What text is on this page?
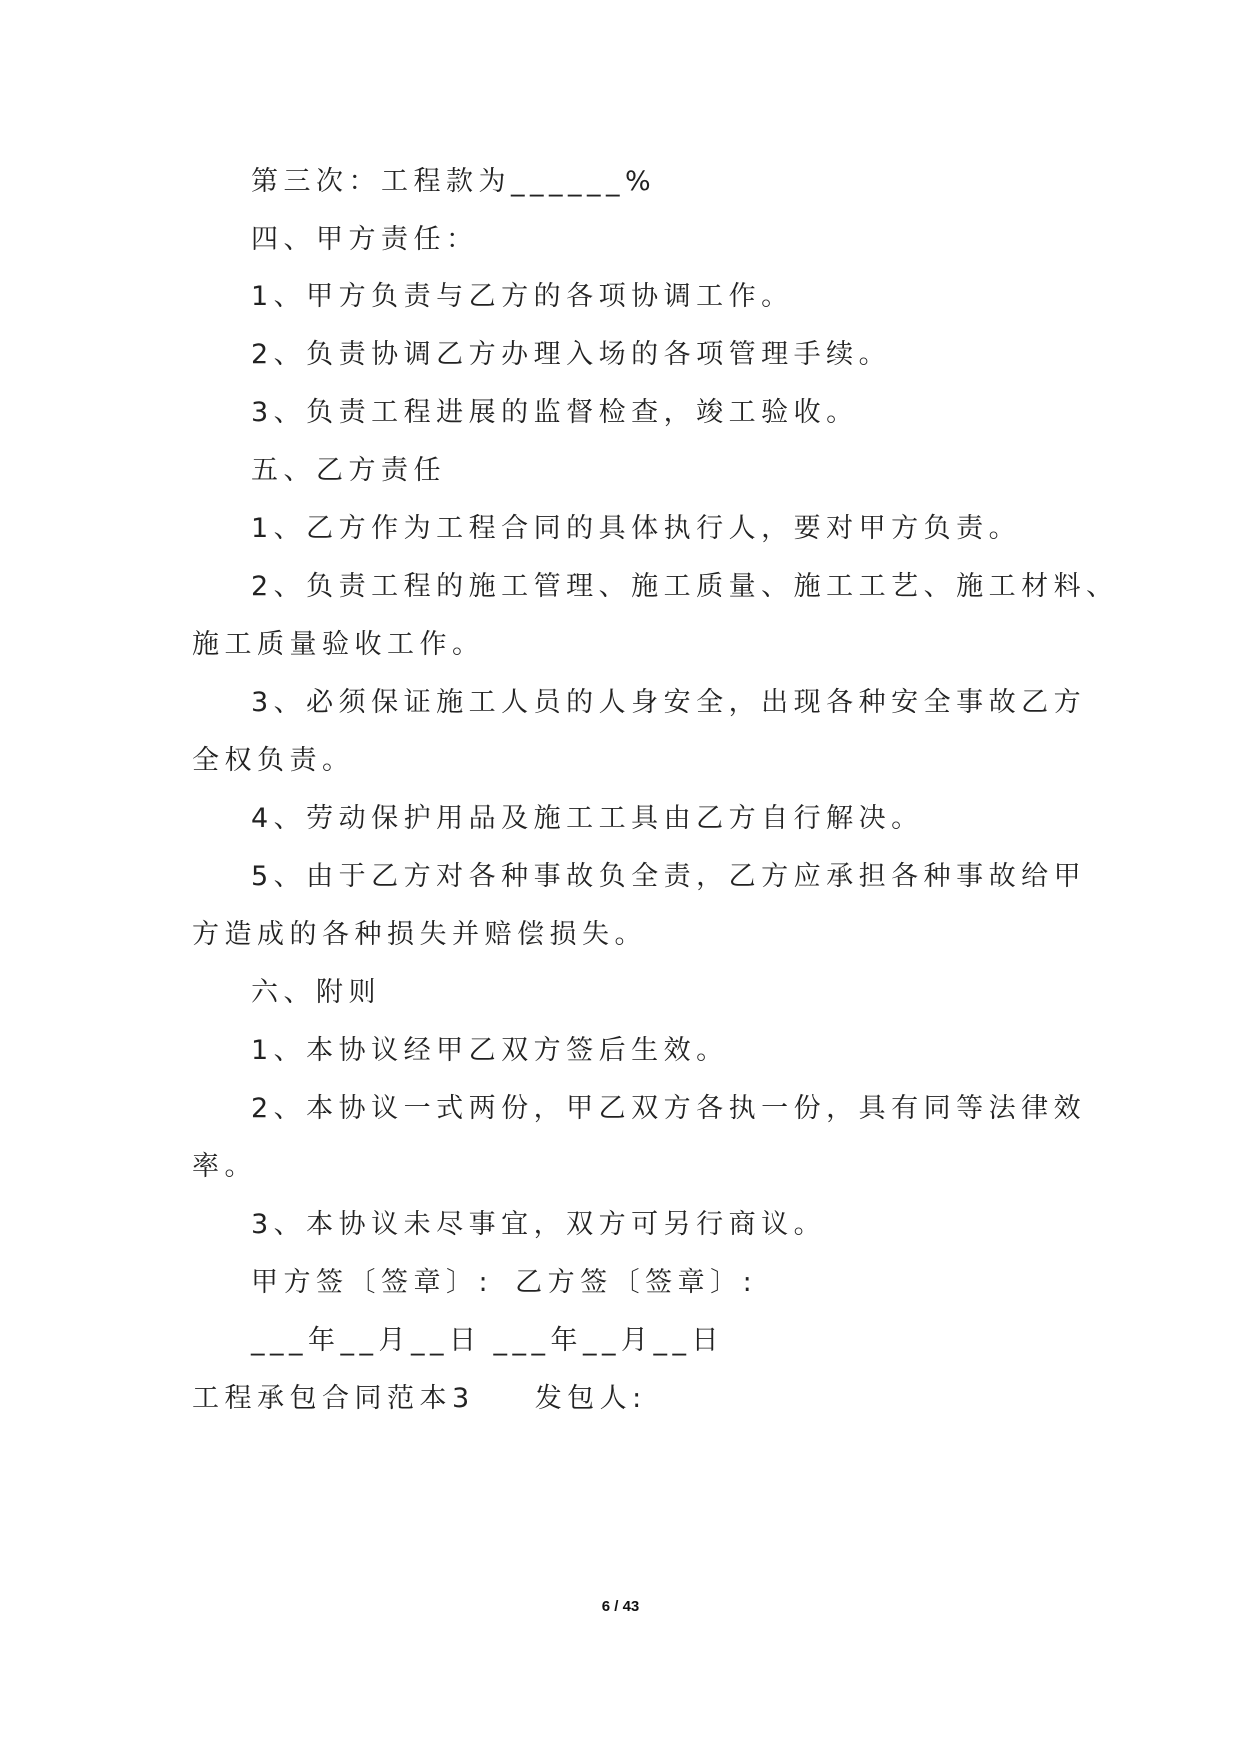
第三次：工程款为______%
四、甲方责任：
1、甲方负责与乙方的各项协调工作。
2、负责协调乙方办理入场的各项管理手续。
3、负责工程进展的监督检查，竣工验收。
五、乙方责任
1、乙方作为工程合同的具体执行人，要对甲方负责。
2、负责工程的施工管理、施工质量、施工工艺、施工材料、
施工质量验收工作。
3、必须保证施工人员的人身安全，出现各种安全事故乙方
全权负责。
4、劳动保护用品及施工工具由乙方自行解决。
5、由于乙方对各种事故负全责，乙方应承担各种事故给甲
方造成的各种损失并赔偿损失。
六、附则
1、本协议经甲乙双方签后生效。
2、本协议一式两份，甲乙双方各执一份，具有同等法律效
率。
3、本协议未尽事宜，双方可另行商议。
甲方签〔签章〕: 乙方签〔签章〕:
___年__月__日 ___年__月__日
工程承包合同范本3 发包人:
6 / 43
